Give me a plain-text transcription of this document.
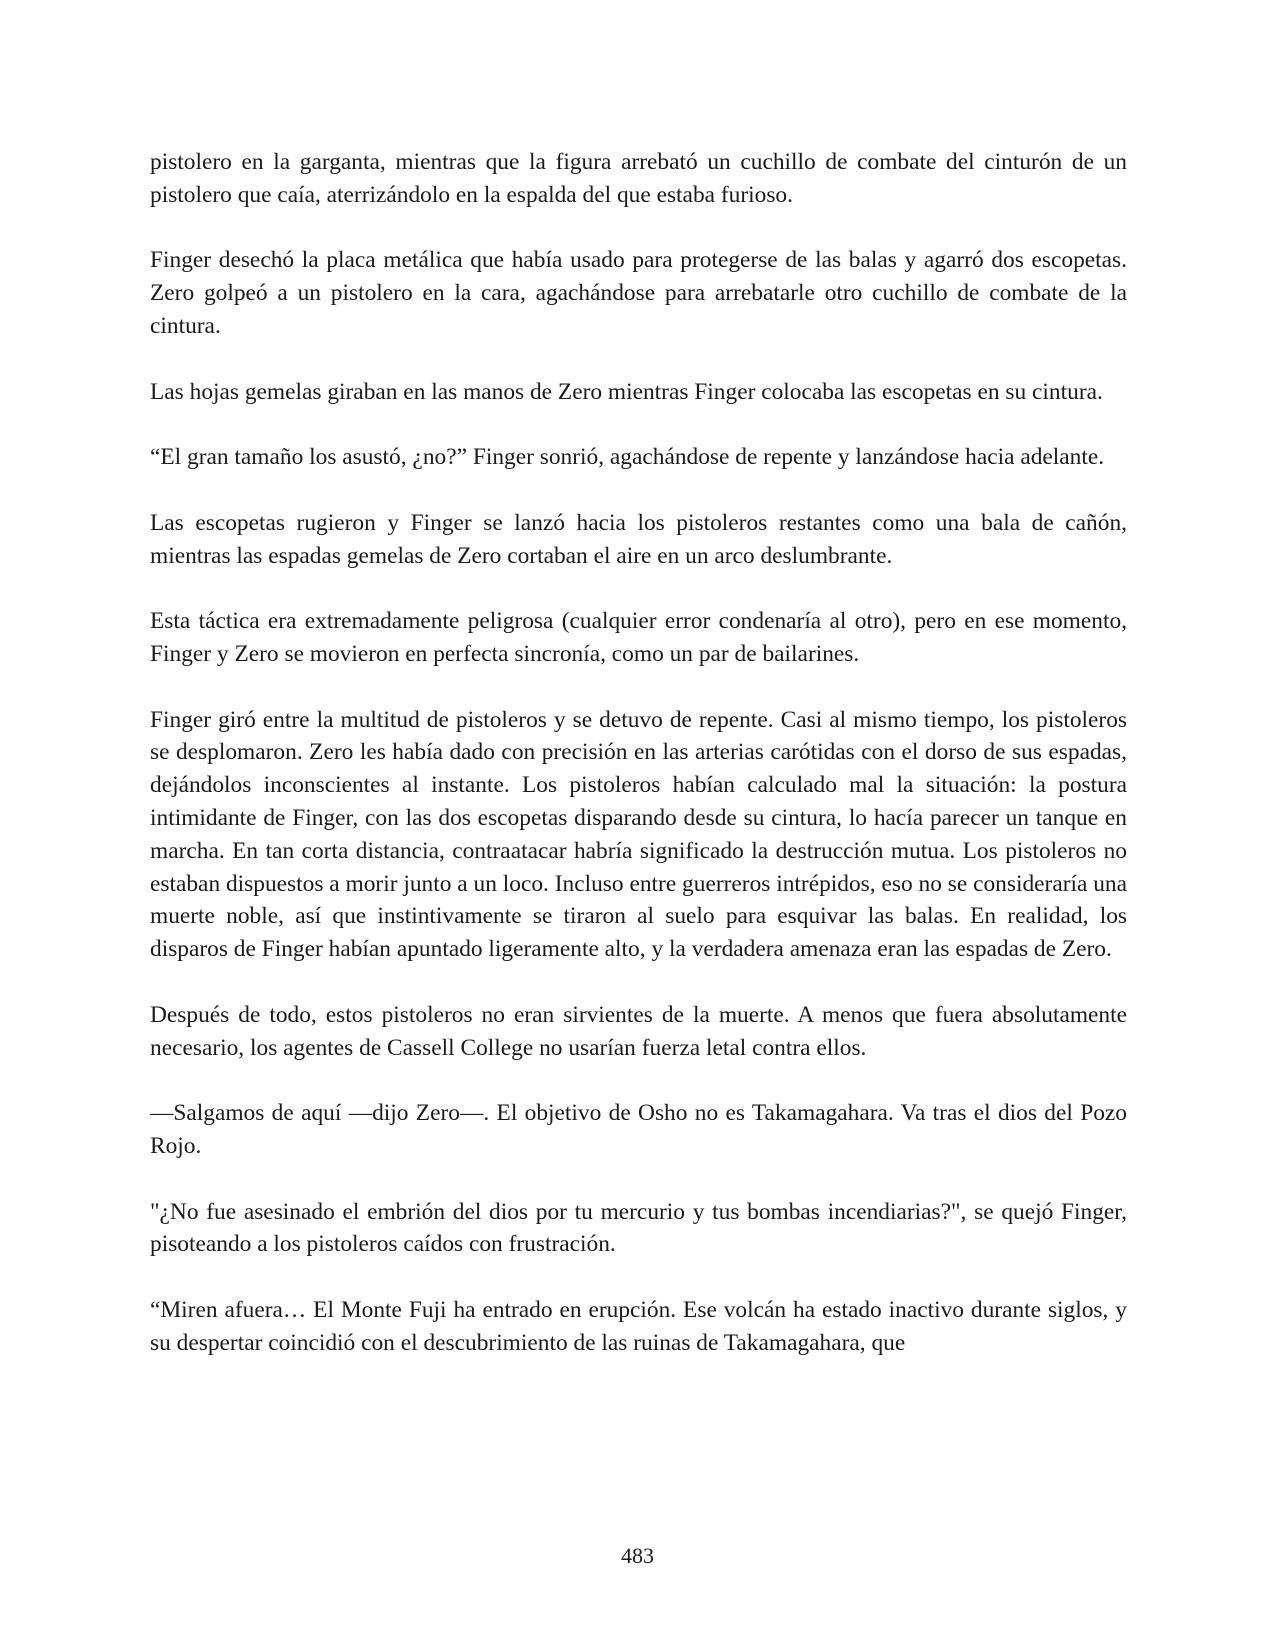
pistolero en la garganta, mientras que la figura arrebató un cuchillo de combate del cinturón de un pistolero que caía, aterrizándolo en la espalda del que estaba furioso.

Finger desechó la placa metálica que había usado para protegerse de las balas y agarró dos escopetas. Zero golpeó a un pistolero en la cara, agachándose para arrebatarle otro cuchillo de combate de la cintura.

Las hojas gemelas giraban en las manos de Zero mientras Finger colocaba las escopetas en su cintura.

“El gran tamaño los asustó, ¿no?” Finger sonrió, agachándose de repente y lanzándose hacia adelante.

Las escopetas rugieron y Finger se lanzó hacia los pistoleros restantes como una bala de cañón, mientras las espadas gemelas de Zero cortaban el aire en un arco deslumbrante.

Esta táctica era extremadamente peligrosa (cualquier error condenaría al otro), pero en ese momento, Finger y Zero se movieron en perfecta sincronía, como un par de bailarines.

Finger giró entre la multitud de pistoleros y se detuvo de repente. Casi al mismo tiempo, los pistoleros se desplomaron. Zero les había dado con precisión en las arterias carótidas con el dorso de sus espadas, dejándolos inconscientes al instante. Los pistoleros habían calculado mal la situación: la postura intimidante de Finger, con las dos escopetas disparando desde su cintura, lo hacía parecer un tanque en marcha. En tan corta distancia, contraatacar habría significado la destrucción mutua. Los pistoleros no estaban dispuestos a morir junto a un loco. Incluso entre guerreros intrépidos, eso no se consideraría una muerte noble, así que instintivamente se tiraron al suelo para esquivar las balas. En realidad, los disparos de Finger habían apuntado ligeramente alto, y la verdadera amenaza eran las espadas de Zero.

Después de todo, estos pistoleros no eran sirvientes de la muerte. A menos que fuera absolutamente necesario, los agentes de Cassell College no usarían fuerza letal contra ellos.

—Salgamos de aquí —dijo Zero—. El objetivo de Osho no es Takamagahara. Va tras el dios del Pozo Rojo.

"¿No fue asesinado el embrión del dios por tu mercurio y tus bombas incendiarias?", se quejó Finger, pisoteando a los pistoleros caídos con frustración.

“Miren afuera… El Monte Fuji ha entrado en erupción. Ese volcán ha estado inactivo durante siglos, y su despertar coincidió con el descubrimiento de las ruinas de Takamagahara, que

483
